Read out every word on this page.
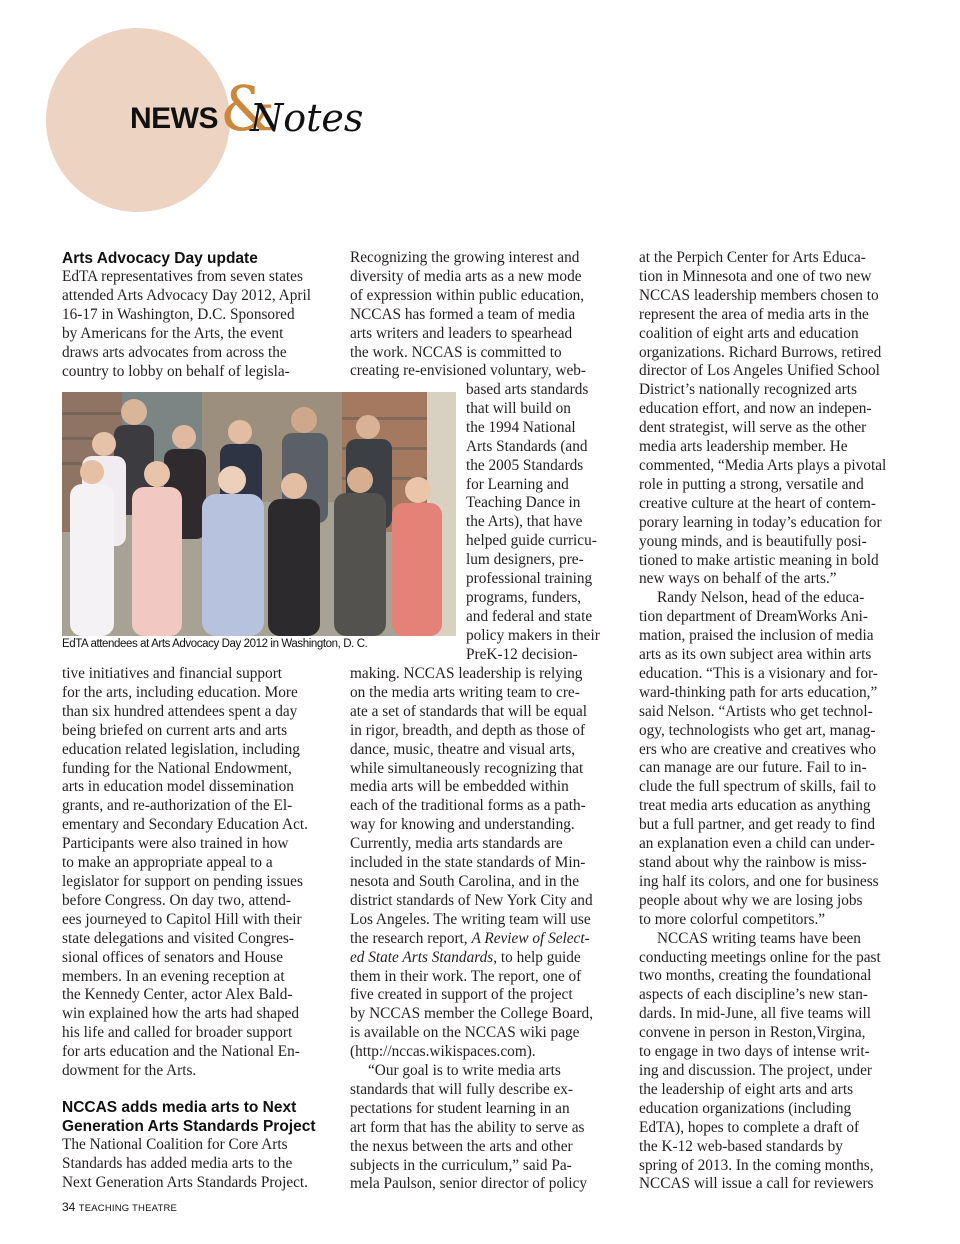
NEWS &
Notes
Arts Advocacy Day update
EdTA representatives from seven states
attended Arts Advocacy Day 2012, April
16-17 in Washington, D.C. Sponsored
by Americans for the Arts, the event
draws arts advocates from across the
country to lobby on behalf of legisla-
EdTA attendees at Arts Advocacy Day 2012 in Washington, D. C.
tive initiatives and financial support
for the arts, including education. More
than six hundred attendees spent a day
being briefed on current arts and arts
education related legislation, including
funding for the National Endowment,
arts in education model dissemination
grants, and re-authorization of the El-
ementary and Secondary Education Act.
Participants were also trained in how
to make an appropriate appeal to a
legislator for support on pending issues
before Congress. On day two, attend-
ees journeyed to Capitol Hill with their
state delegations and visited Congres-
sional offices of senators and House
members. In an evening reception at
the Kennedy Center, actor Alex Bald-
win explained how the arts had shaped
his life and called for broader support
for arts education and the National En-
dowment for the Arts.
NCCAS adds media arts to Next
Generation Arts Standards Project
The National Coalition for Core Arts
Standards has added media arts to the
Next Generation Arts Standards Project.
Recognizing the growing interest and
diversity of media arts as a new mode
of expression within public education,
NCCAS has formed a team of media
arts writers and leaders to spearhead
the work. NCCAS is committed to
creating re-envisioned voluntary, web-
based arts standards
that will build on
the 1994 National
Arts Standards (and
the 2005 Standards
for Learning and
Teaching Dance in
the Arts), that have
helped guide curricu-
lum designers, pre-
professional training
programs, funders,
and federal and state
policy makers in their
PreK-12 decision-
making. NCCAS leadership is relying
on the media arts writing team to cre-
ate a set of standards that will be equal
in rigor, breadth, and depth as those of
dance, music, theatre and visual arts,
while simultaneously recognizing that
media arts will be embedded within
each of the traditional forms as a path-
way for knowing and understanding.
Currently, media arts standards are
included in the state standards of Min-
nesota and South Carolina, and in the
district standards of New York City and
Los Angeles. The writing team will use
the research report, A Review of Select-
ed State Arts Standards, to help guide
them in their work. The report, one of
five created in support of the project
by NCCAS member the College Board,
is available on the NCCAS wiki page
(http://nccas.wikispaces.com).
“Our goal is to write media arts
standards that will fully describe ex-
pectations for student learning in an
art form that has the ability to serve as
the nexus between the arts and other
subjects in the curriculum,” said Pa-
mela Paulson, senior director of policy
at the Perpich Center for Arts Educa-
tion in Minnesota and one of two new
NCCAS leadership members chosen to
represent the area of media arts in the
coalition of eight arts and education
organizations. Richard Burrows, retired
director of Los Angeles Unified School
District’s nationally recognized arts
education effort, and now an indepen-
dent strategist, will serve as the other
media arts leadership member. He
commented, “Media Arts plays a pivotal
role in putting a strong, versatile and
creative culture at the heart of contem-
porary learning in today’s education for
young minds, and is beautifully posi-
tioned to make artistic meaning in bold
new ways on behalf of the arts.”
Randy Nelson, head of the educa-
tion department of DreamWorks Ani-
mation, praised the inclusion of media
arts as its own subject area within arts
education. “This is a visionary and for-
ward-thinking path for arts education,”
said Nelson. “Artists who get technol-
ogy, technologists who get art, manag-
ers who are creative and creatives who
can manage are our future. Fail to in-
clude the full spectrum of skills, fail to
treat media arts education as anything
but a full partner, and get ready to find
an explanation even a child can under-
stand about why the rainbow is miss-
ing half its colors, and one for business
people about why we are losing jobs
to more colorful competitors.”
NCCAS writing teams have been
conducting meetings online for the past
two months, creating the foundational
aspects of each discipline’s new stan-
dards. In mid-June, all five teams will
convene in person in Reston,Virgina,
to engage in two days of intense writ-
ing and discussion. The project, under
the leadership of eight arts and arts
education organizations (including
EdTA), hopes to complete a draft of
the K-12 web-based standards by
spring of 2013. In the coming months,
NCCAS will issue a call for reviewers
34 TEACHING THEATRE
